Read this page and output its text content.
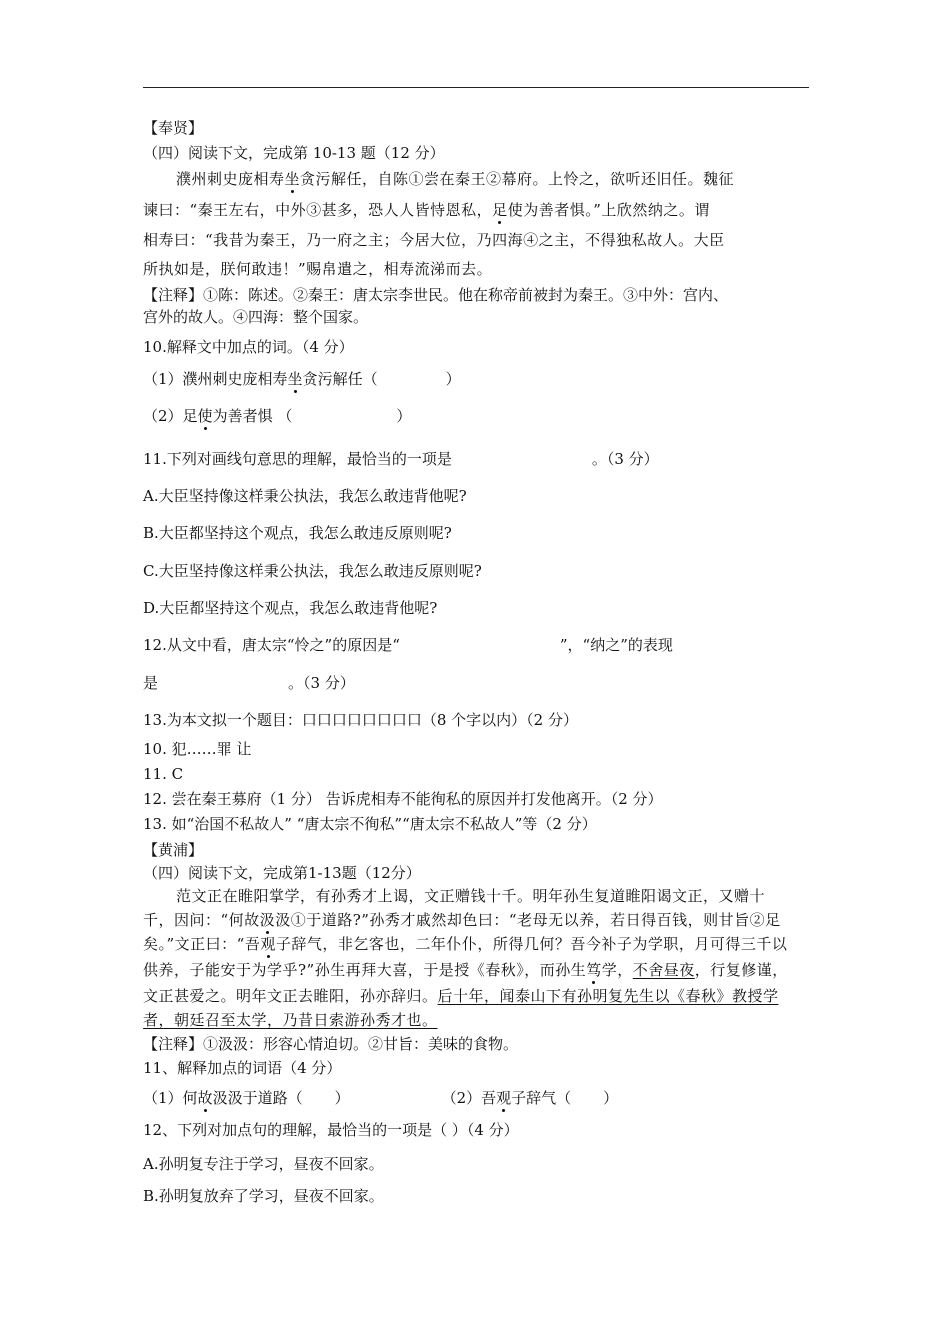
【奉贤】
（四）阅读下文，完成第 10-13 题（12 分）
濮州刺史庞相寿坐贪污解任，自陈①尝在秦王②幕府。上怜之，欲听还旧任。魏征
谏曰：“秦王左右，中外③甚多，恐人人皆恃恩私，足使为善者惧。”上欣然纳之。谓
相寿曰：“我昔为秦王，乃一府之主；今居大位，乃四海④之主，不得独私故人。大臣
所执如是，朕何敢违！”赐帛遣之，相寿流涕而去。
【注释】①陈：陈述。②秦王：唐太宗李世民。他在称帝前被封为秦王。③中外：宫内、
宫外的故人。④四海：整个国家。
10.解释文中加点的词。（4 分）
（1）濮州刺史庞相寿坐贪污解任（	）
（2）足使为善者惧 （	）
11.下列对画线句意思的理解，最恰当的一项是	。（3 分）
A.大臣坚持像这样秉公执法，我怎么敢违背他呢?
B.大臣都坚持这个观点，我怎么敢违反原则呢?
C.大臣坚持像这样秉公执法，我怎么敢违反原则呢?
D.大臣都坚持这个观点，我怎么敢违背他呢?
12.从文中看，唐太宗“怜之”的原因是“	”，“纳之”的表现
是	。（3 分）
13.为本文拟一个题目：口口口口口口口口（8 个字以内）（2 分）
10. 犯……罪 让
11. C
12. 尝在秦王募府（1 分） 告诉虎相寿不能徇私的原因并打发他离开。（2 分）
13. 如“治国不私故人” “唐太宗不徇私”“唐太宗不私故人”等（2 分）
【黄浦】
（四）阅读下文，完成第1-13题（12分）
范文正在睢阳掌学，有孙秀才上谒，文正赠钱十千。明年孙生复道睢阳谒文正，又赠十
千，因问：“何故汲汲①于道路?”孙秀才戚然却色曰：“老母无以养，若日得百钱，则甘旨②足
矣。”文正曰：“吾观子辞气，非乞客也，二年仆仆，所得几何？吾今补子为学职，月可得三千以
供养，子能安于为学乎?”孙生再拜大喜，于是授《春秋》，而孙生笃学，不舍昼夜，行复修谨，
文正甚爱之。明年文正去睢阳，孙亦辞归。后十年，闻泰山下有孙明复先生以《春秋》教授学
者，朝廷召至太学，乃昔日索游孙秀才也。
【注释】①汲汲：形容心情迫切。②甘旨：美味的食物。
11、解释加点的词语（4 分）
（1）何故汲汲于道路（ ）	（2）吾观子辞气（ ）
12、下列对加点句的理解，最恰当的一项是（ ）（4 分）
A.孙明复专注于学习，昼夜不回家。
B.孙明复放弃了学习，昼夜不回家。
